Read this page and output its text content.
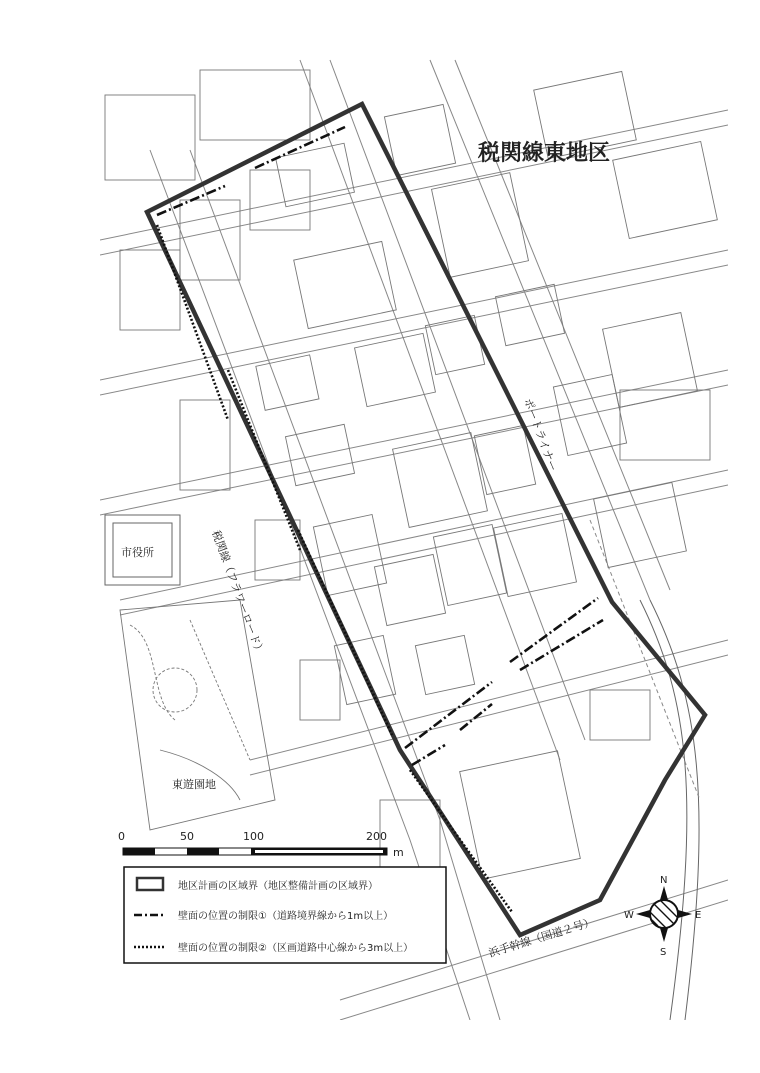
税関線東地区
市役所
東遊園地
税関線（フラワーロード）
ポートライナー
浜手幹線（国道２号）
0	50	100	200
m
地区計画の区域界（地区整備計画の区域界）
壁面の位置の制限①（道路境界線から1m以上）
壁面の位置の制限②（区画道路中心線から3m以上）
N
S
W	E
